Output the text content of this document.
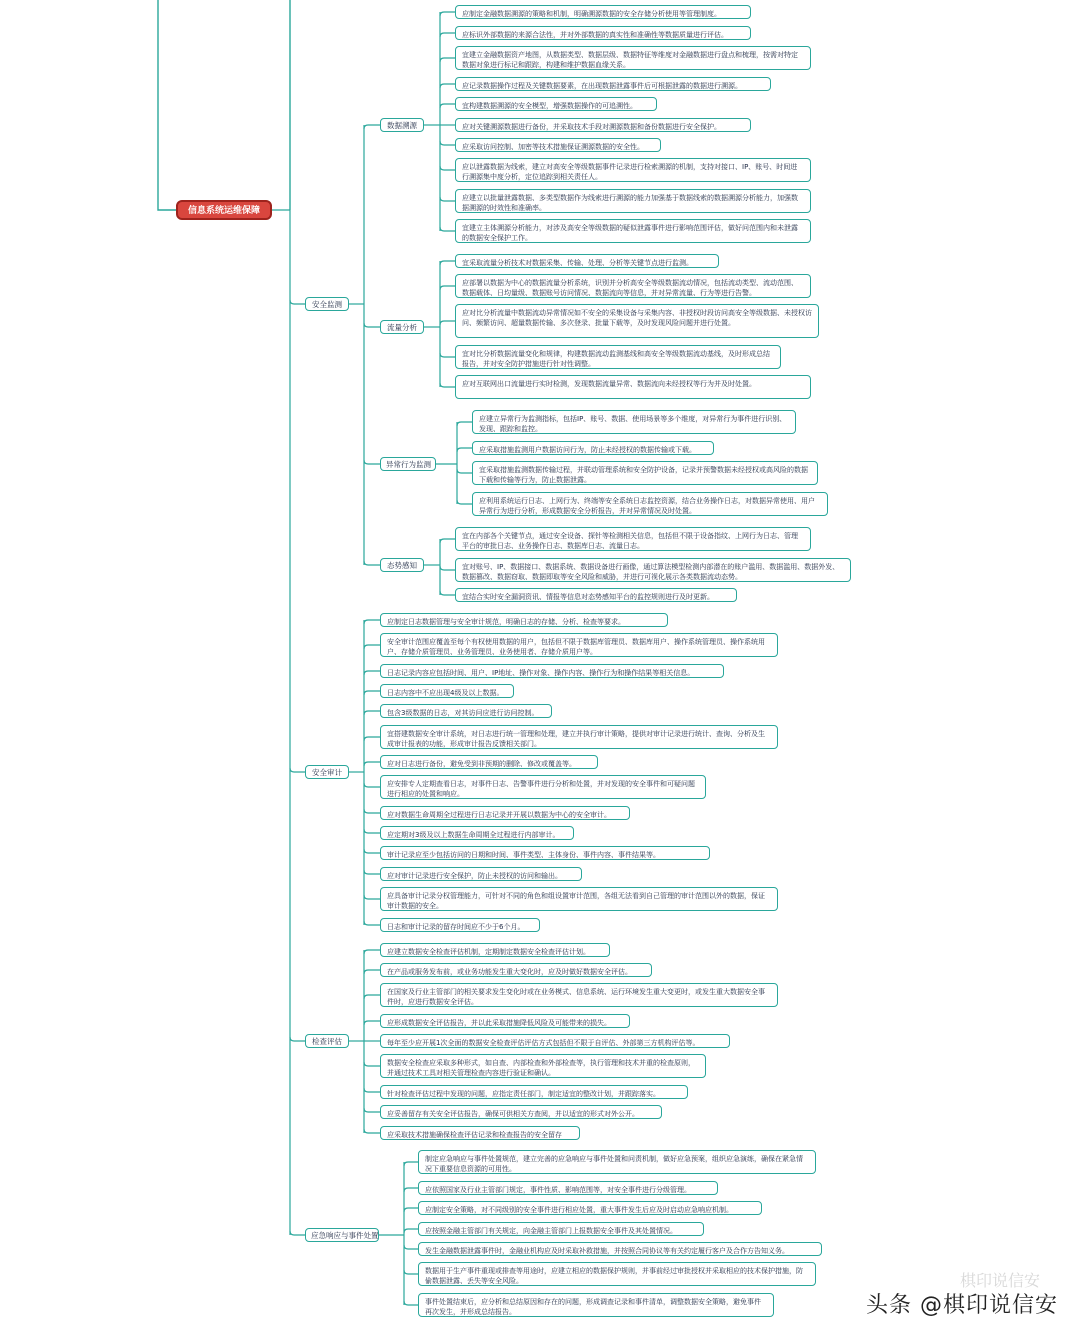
信息系统运维保障
安全监测
安全审计
检查评估
应急响应与事件处置
数据溯源
流量分析
异常行为监测
态势感知
应制定金融数据溯源的策略和机制，明确溯源数据的安全存储分析使用等管理制度。
应标识外部数据的来源合法性，并对外部数据的真实性和准确性等数据质量进行评估。
宜建立金融数据资产地图，从数据类型、数据层级、数据特征等维度对金融数据进行盘点和梳理，按需对特定数据对象进行标记和跟踪，构建和维护数据血缘关系。
应记录数据操作过程及关键数据要素，在出现数据泄露事件后可根据泄露的数据进行溯源。
宜构建数据溯源的安全模型，增强数据操作的可追溯性。
应对关键溯源数据进行备份，并采取技术手段对溯源数据和备份数据进行安全保护。
应采取访问控制、加密等技术措施保证溯源数据的安全性。
应以泄露数据为线索，建立对高安全等级数据事件记录进行检索溯源的机制，支持对接口、IP、账号、时间进行溯源集中度分析，定位追踪到相关责任人。
应建立以批量泄露数据、多类型数据作为线索进行溯源的能力加强基于数据线索的数据溯源分析能力，加强数据溯源的时效性和准确率。
宜建立主体溯源分析能力，对涉及高安全等级数据的疑似泄露事件进行影响范围评估，做好问范围内和未泄露的数据安全保护工作。
宜采取流量分析技术对数据采集、传输、处理、分析等关键节点进行监测。
应部署以数据为中心的数据流量分析系统，识别并分析高安全等级数据流动情况，包括流动类型、流动范围、数据载体、日均量级、数据账号访问情况、数据流向等信息，并对异常流量、行为等进行告警。
应对比分析流量中数据流动异常情况如不安全的采集设备与采集内容、非授权时段访问高安全等级数据、未授权访问、频繁访问、超量数据传输、多次登录、批量下载等，及时发现风险问题并进行处置。
宜对比分析数据流量变化和规律，构建数据流动监测基线和高安全等级数据流动基线，及时形成总结报告，并对安全防护措施进行针对性调整。
应对互联网出口流量进行实时检测，发现数据流量异常、数据流向未经授权等行为并及时处置。
应建立异常行为监测指标，包括IP、账号、数据、使用场景等多个维度，对异常行为事件进行识别、发现、跟踪和监控。
应采取措施监测用户数据访问行为，防止未经授权的数据传输或下载。
宜采取措施监测数据传输过程，并联动管理系统和安全防护设备，记录并预警数据未经授权或高风险的数据下载和传输等行为，防止数据泄露。
应利用系统运行日志、上网行为、终端等安全系统日志监控资源，结合业务操作日志，对数据异常使用、用户异常行为进行分析，形成数据安全分析报告，并对异常情况及时处置。
宜在内部各个关键节点，通过安全设备、探针等检测相关信息，包括但不限于设备指纹、上网行为日志、管理平台的审批日志、业务操作日志、数据库日志、流量日志。
宜对账号、IP、数据接口、数据系统、数据设备进行画像，通过算法模型检测内部潜在的账户滥用、数据滥用、数据外发、数据篡改、数据窃取、数据即取等安全风险和威胁，并进行可视化展示各类数据流动态势。
宜结合实时安全漏洞资讯、情报等信息对态势感知平台的监控规则进行及时更新。
应制定日志数据管理与安全审计规范，明确日志的存储、分析、检查等要求。
安全审计范围应覆盖至每个有权使用数据的用户，包括但不限于数据库管理员、数据库用户、操作系统管理员、操作系统用户、存储介质管理员、业务管理员、业务使用者、存储介质用户等。
日志记录内容应包括时间、用户、IP地址、操作对象、操作内容、操作行为和操作结果等相关信息。
日志内容中不应出现4级及以上数据。
包含3级数据的日志，对其访问应进行访问控制。
宜搭建数据安全审计系统，对日志进行统一管理和处理，建立并执行审计策略，提供对审计记录进行统计、查询、分析及生成审计报表的功能，形成审计报告反馈相关部门。
应对日志进行备份，避免受到非预期的删除、修改或覆盖等。
应安排专人定期查看日志，对事件日志、告警事件进行分析和处置，并对发现的安全事件和可疑问题进行相应的处置和响应。
应对数据生命周期全过程进行日志记录并开展以数据为中心的安全审计。
应定期对3级及以上数据生命周期全过程进行内部审计。
审计记录应至少包括访问的日期和时间、事件类型、主体身份、事件内容、事件结果等。
应对审计记录进行安全保护，防止未授权的访问和输出。
应具备审计记录分权管理能力，可针对不同的角色和组设置审计范围，各组无法看到自己管理的审计范围以外的数据，保证审计数据的安全。
日志和审计记录的留存时间应不少于6个月。
应建立数据安全检查评估机制，定期制定数据安全检查评估计划。
在产品或服务发布前，或业务功能发生重大变化时，应及时做好数据安全评估。
在国家及行业主管部门的相关要求发生变化时或在业务模式、信息系统、运行环境发生重大变更时，或发生重大数据安全事件时，应进行数据安全评估。
应形成数据安全评估报告，并以此采取措施降低风险及可能带来的损失。
每年至少应开展1次全面的数据安全检查评估评估方式包括但不限于自评估、外部第三方机构评估等。
数据安全检查应采取多种形式，如自查、内部检查和外部检查等，执行管理和技术并重的检查原则，并通过技术工具对相关管理检查内容进行验证和确认。
针对检查评估过程中发现的问题，应指定责任部门，制定适宜的整改计划，并跟踪落实。
应妥善留存有关安全评估报告，确保可供相关方查阅，并以适宜的形式对外公开。
应采取技术措施确保检查评估记录和检查报告的安全留存
制定应急响应与事件处置规范，建立完善的应急响应与事件处置和问责机制，做好应急预案，组织应急演练，确保在紧急情况下重要信息资源的可用性。
应依照国家及行业主管部门规定，事件性质、影响范围等，对安全事件进行分级管理。
应制定安全策略，对不同级别的安全事件进行相应处置，重大事件发生后应及时启动应急响应机制。
应按照金融主管部门有关规定，向金融主管部门上报数据安全事件及其处置情况。
发生金融数据泄露事件时，金融业机构应及时采取补救措施，并按照合同协议等有关约定履行客户及合作方告知义务。
数据用于生产事件重现或排查等用途时，应建立相应的数据保护规则，并事前经过审批授权并采取相应的技术保护措施，防偷数据泄露、丢失等安全风险。
事件处置结束后，应分析和总结原因和存在的问题，形成调查记录和事件清单，调整数据安全策略，避免事件再次发生，并形成总结报告。
棋印说信安
头条 @棋印说信安
